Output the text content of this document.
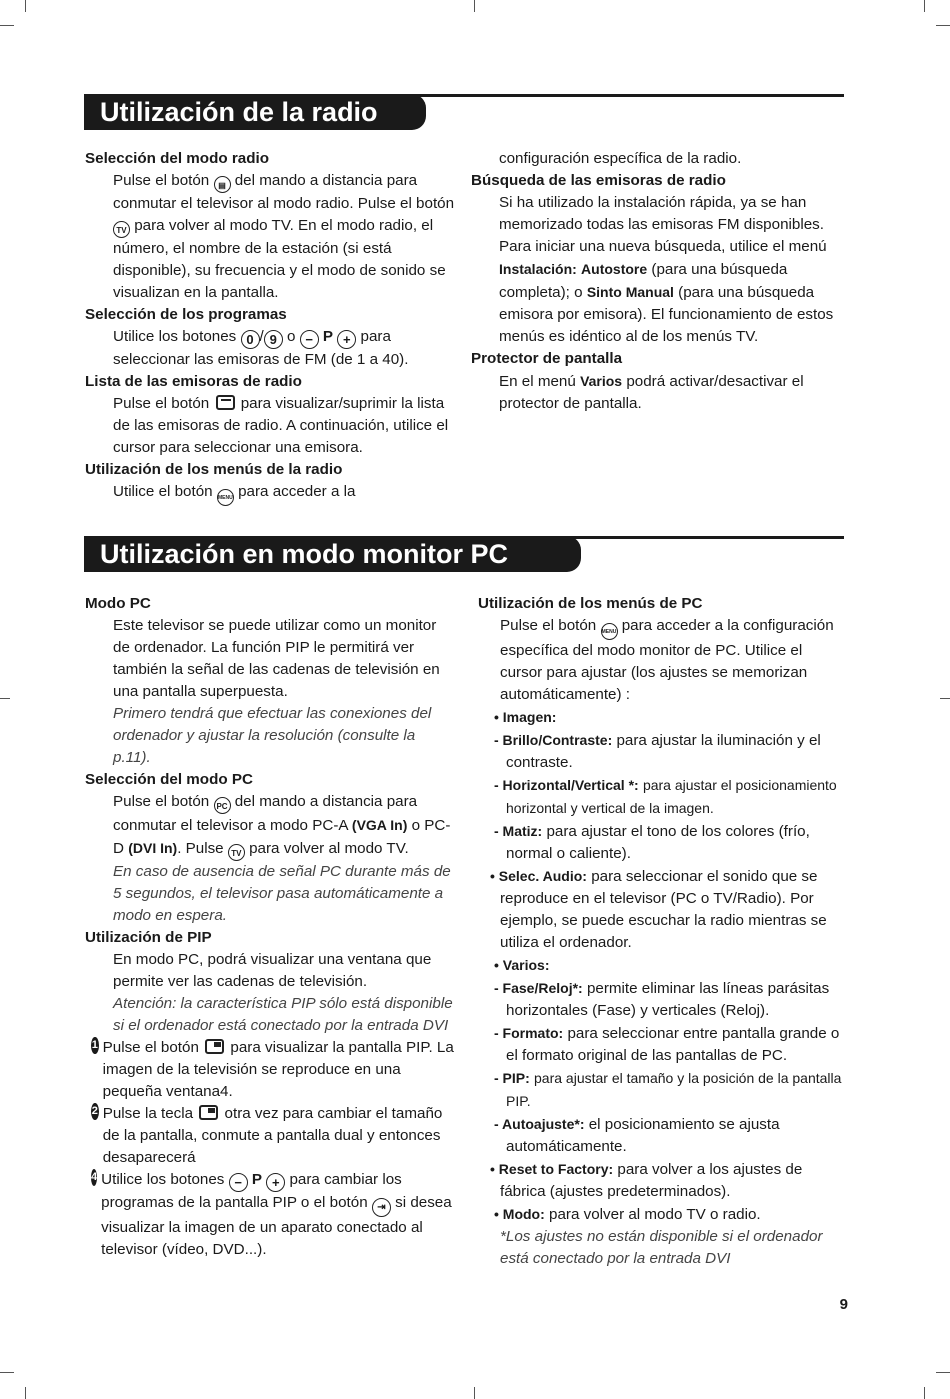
Utilización de la radio
Selección del modo radio
Pulse el botón ▤ del mando a distancia para conmutar el televisor al modo radio. Pulse el botón TV para volver al modo TV. En el modo radio, el número, el nombre de la estación (si está disponible), su frecuencia y el modo de sonido se visualizan en la pantalla.
Selección de los programas
Utilice los botones 0 / 9 o − P + para seleccionar las emisoras de FM (de 1 a 40).
Lista de las emisoras de radio
Pulse el botón para visualizar/suprimir la lista de las emisoras de radio. A continuación, utilice el cursor para seleccionar una emisora.
Utilización de los menús de la radio
Utilice el botón MENU para acceder a la
configuración específica de la radio.
Búsqueda de las emisoras de radio
Si ha utilizado la instalación rápida, ya se han memorizado todas las emisoras FM disponibles. Para iniciar una nueva búsqueda, utilice el menú Instalación: Autostore (para una búsqueda completa); o Sinto Manual (para una búsqueda emisora por emisora). El funcionamiento de estos menús es idéntico al de los menús TV.
Protector de pantalla
En el menú Varios podrá activar/desactivar el protector de pantalla.
Utilización en modo monitor PC
Modo PC
Este televisor se puede utilizar como un monitor de ordenador. La función PIP le permitirá ver también la señal de las cadenas de televisión en una pantalla superpuesta.
Primero tendrá que efectuar las conexiones del ordenador y ajustar la resolución (consulte la p.11).
Selección del modo PC
Pulse el botón PC del mando a distancia para conmutar el televisor a modo PC-A (VGA In) o PC-D (DVI In). Pulse TV para volver al modo TV.
En caso de ausencia de señal PC durante más de 5 segundos, el televisor pasa automáticamente a modo en espera.
Utilización de PIP
En modo PC, podrá visualizar una ventana que permite ver las cadenas de televisión.
Atención: la característica PIP sólo está disponible si el ordenador está conectado por la entrada DVI
1 Pulse el botón para visualizar la pantalla PIP. La imagen de la televisión se reproduce en una pequeña ventana4.
2 Pulse la tecla otra vez para cambiar el tamaño de la pantalla, conmute a pantalla dual y entonces desaparecerá
4 Utilice los botones − P + para cambiar los programas de la pantalla PIP o el botón ⇥ si desea visualizar la imagen de un aparato conectado al televisor (vídeo, DVD...).
Utilización de los menús de PC
Pulse el botón MENU para acceder a la configuración específica del modo monitor de PC. Utilice el cursor para ajustar (los ajustes se memorizan automáticamente) :
• Imagen:
- Brillo/Contraste: para ajustar la iluminación y el contraste.
- Horizontal/Vertical *: para ajustar el posicionamiento horizontal y vertical de la imagen.
- Matiz: para ajustar el tono de los colores (frío, normal o caliente).
• Selec. Audio: para seleccionar el sonido que se reproduce en el televisor (PC o TV/Radio). Por ejemplo, se puede escuchar la radio mientras se utiliza el ordenador.
• Varios:
- Fase/Reloj*: permite eliminar las líneas parásitas horizontales (Fase) y verticales (Reloj).
- Formato: para seleccionar entre pantalla grande o el formato original de las pantallas de PC.
- PIP: para ajustar el tamaño y la posición de la pantalla PIP.
- Autoajuste*: el posicionamiento se ajusta automáticamente.
• Reset to Factory: para volver a los ajustes de fábrica (ajustes predeterminados).
• Modo: para volver al modo TV o radio.
*Los ajustes no están disponible si el ordenador está conectado por la entrada DVI
9
